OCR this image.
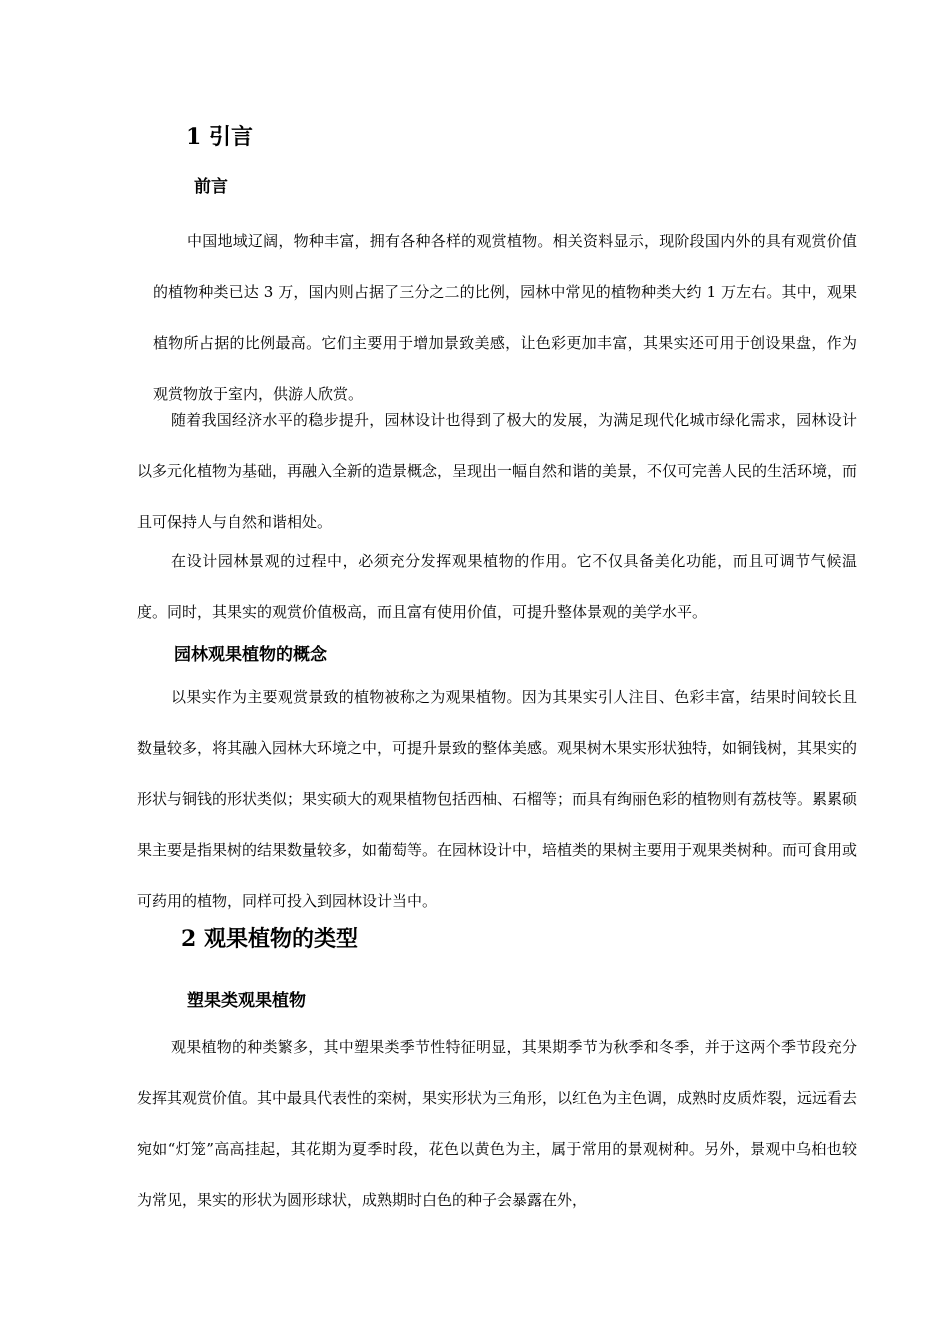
1 引言
前言

中国地域辽阔，物种丰富，拥有各种各样的观赏植物。相关资料显示，现阶段国内外的具有观赏价值的植物种类已达 3 万，国内则占据了三分之二的比例，园林中常见的植物种类大约 1 万左右。其中，观果植物所占据的比例最高。它们主要用于增加景致美感，让色彩更加丰富，其果实还可用于创设果盘，作为观赏物放于室内，供游人欣赏。

随着我国经济水平的稳步提升，园林设计也得到了极大的发展，为满足现代化城市绿化需求，园林设计以多元化植物为基础，再融入全新的造景概念，呈现出一幅自然和谐的美景，不仅可完善人民的生活环境，而且可保持人与自然和谐相处。

在设计园林景观的过程中，必须充分发挥观果植物的作用。它不仅具备美化功能，而且可调节气候温度。同时，其果实的观赏价值极高，而且富有使用价值，可提升整体景观的美学水平。

园林观果植物的概念

以果实作为主要观赏景致的植物被称之为观果植物。因为其果实引人注目、色彩丰富，结果时间较长且数量较多，将其融入园林大环境之中，可提升景致的整体美感。观果树木果实形状独特，如铜钱树，其果实的形状与铜钱的形状类似；果实硕大的观果植物包括西柚、石榴等；而具有绚丽色彩的植物则有荔枝等。累累硕果主要是指果树的结果数量较多，如葡萄等。在园林设计中，培植类的果树主要用于观果类树种。而可食用或可药用的植物，同样可投入到园林设计当中。

2 观果植物的类型
塑果类观果植物

观果植物的种类繁多，其中塑果类季节性特征明显，其果期季节为秋季和冬季，并于这两个季节段充分发挥其观赏价值。其中最具代表性的栾树，果实形状为三角形，以红色为主色调，成熟时皮质炸裂，远远看去宛如“灯笼”高高挂起，其花期为夏季时段，花色以黄色为主，属于常用的景观树种。另外，景观中乌桕也较为常见，果实的形状为圆形球状，成熟期时白色的种子会暴露在外，
